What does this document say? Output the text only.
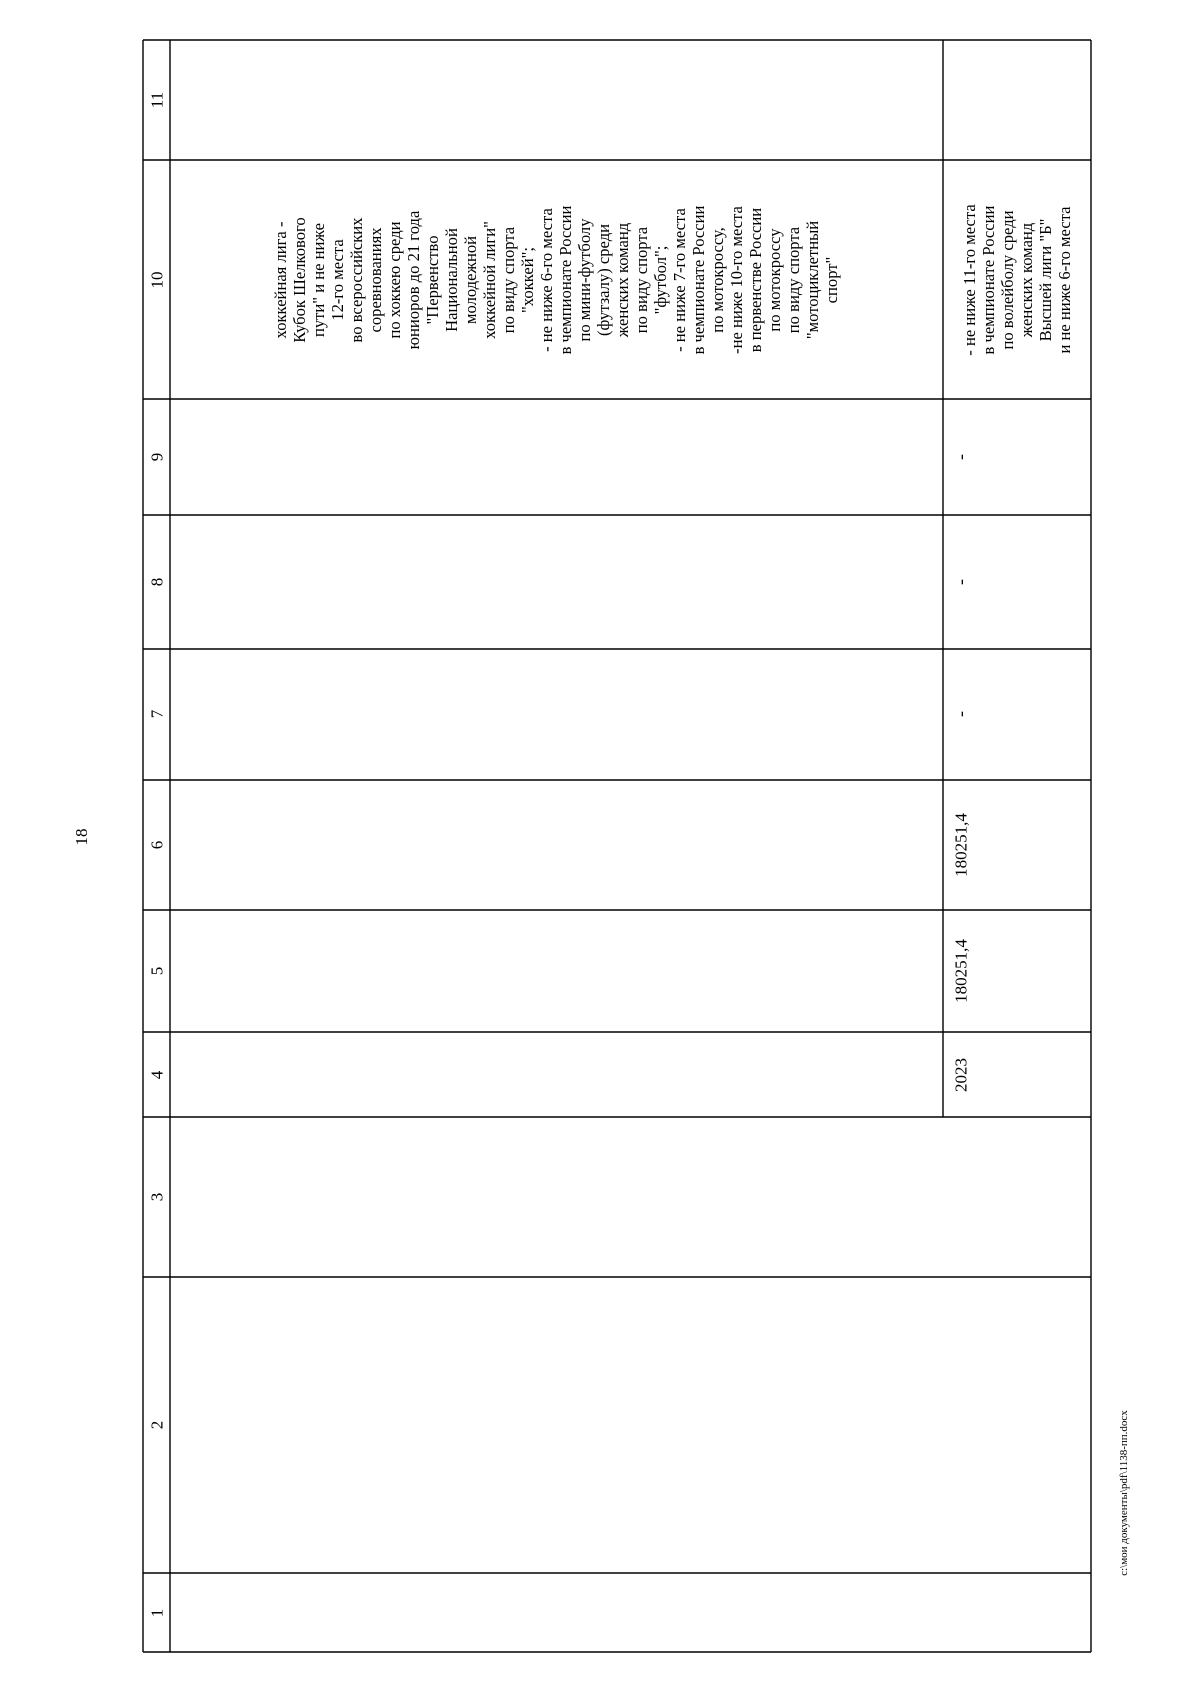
18
1
2
3
4
5
6
7
8
9
10
11
хоккейная лига -
Кубок Шелкового
пути" и не ниже
12-го места
во всероссийских
соревнованиях
по хоккею среди
юниоров до 21 года
"Первенство
Национальной
молодежной
хоккейной лиги"
по виду спорта
"хоккей";
- не ниже 6-го места
в чемпионате России
по мини-футболу
(футзалу) среди
женских команд
по виду спорта
"футбол";
- не ниже 7-го места
в чемпионате России
по мотокроссу,
-не ниже 10-го места
в первенстве России
по мотокроссу
по виду спорта
"мотоциклетный
спорт"
2023
180251,4
180251,4
-
-
-
- не ниже 11-го места
в чемпионате России
по волейболу среди
женских команд
Высшей лиги "Б"
и не ниже 6-го места
c:\мои документы\pdf\1138-пп.docx
